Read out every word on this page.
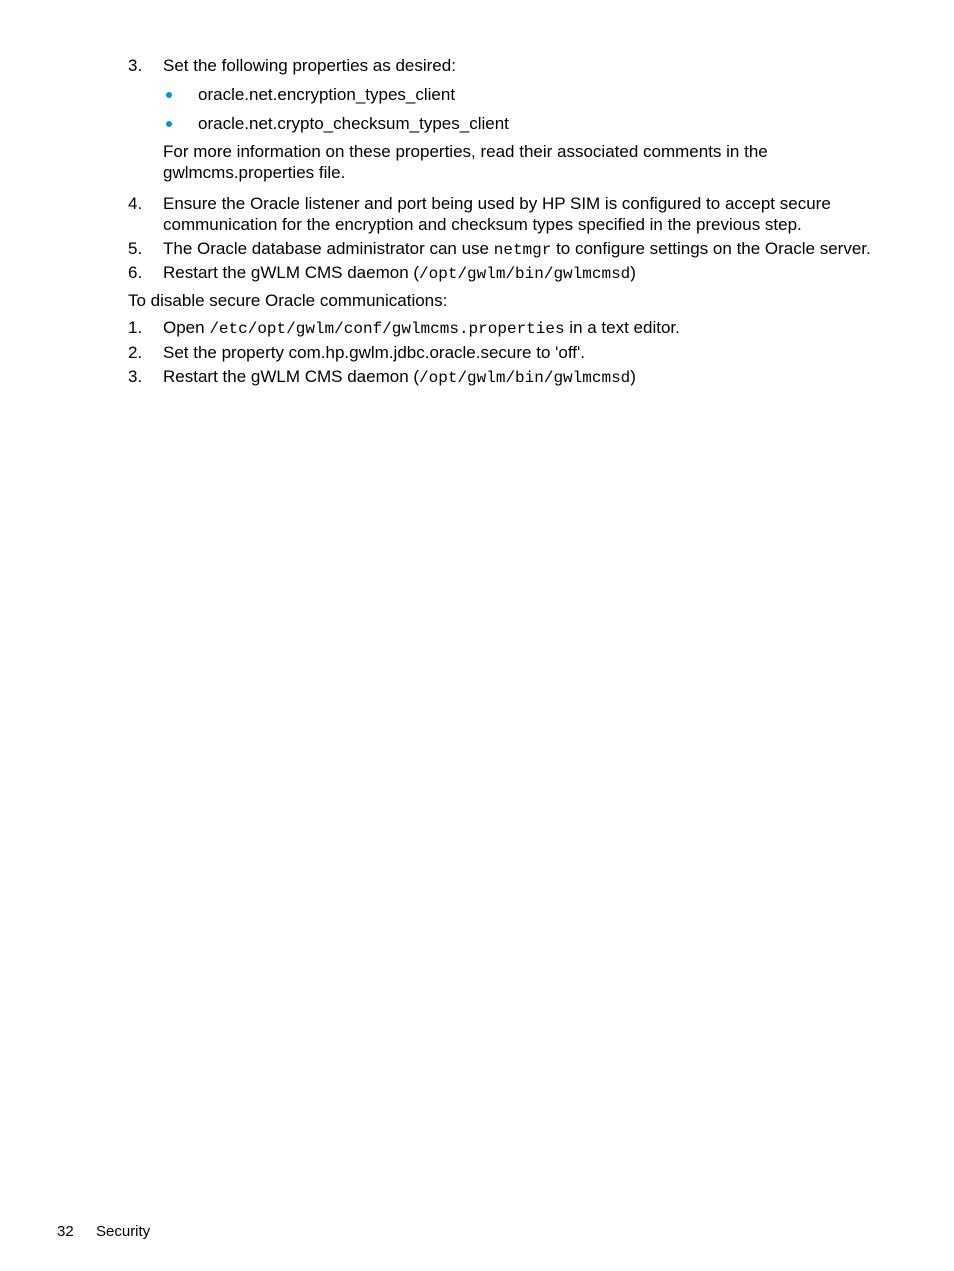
3. Set the following properties as desired:
oracle.net.encryption_types_client
oracle.net.crypto_checksum_types_client
For more information on these properties, read their associated comments in the
gwlmcms.properties file.
4. Ensure the Oracle listener and port being used by HP SIM is configured to accept secure
communication for the encryption and checksum types specified in the previous step.
5. The Oracle database administrator can use netmgr to configure settings on the Oracle server.
6. Restart the gWLM CMS daemon (/opt/gwlm/bin/gwlmcmsd)
To disable secure Oracle communications:
1. Open /etc/opt/gwlm/conf/gwlmcms.properties in a text editor.
2. Set the property com.hp.gwlm.jdbc.oracle.secure to 'off'.
3. Restart the gWLM CMS daemon (/opt/gwlm/bin/gwlmcmsd)
32 Security
